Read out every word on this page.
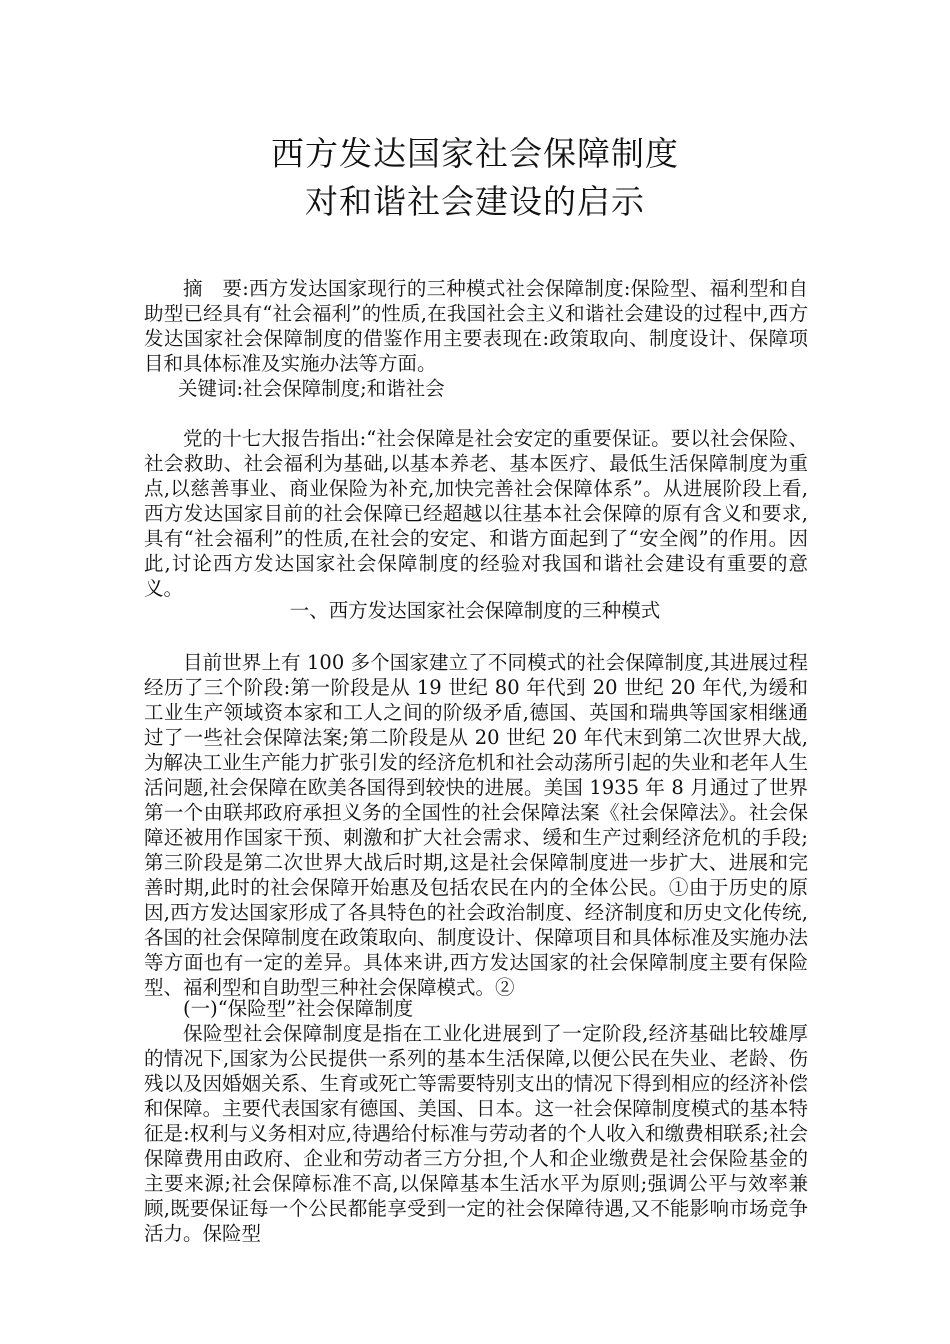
西方发达国家社会保障制度
对和谐社会建设的启示

摘　要:西方发达国家现行的三种模式社会保障制度:保险型、福利型和自助型已经具有“社会福利”的性质,在我国社会主义和谐社会建设的过程中,西方发达国家社会保障制度的借鉴作用主要表现在:政策取向、制度设计、保障项目和具体标准及实施办法等方面。

关键词:社会保障制度;和谐社会

党的十七大报告指出:“社会保障是社会安定的重要保证。要以社会保险、社会救助、社会福利为基础,以基本养老、基本医疗、最低生活保障制度为重点,以慈善事业、商业保险为补充,加快完善社会保障体系”。从进展阶段上看,西方发达国家目前的社会保障已经超越以往基本社会保障的原有含义和要求,具有“社会福利”的性质,在社会的安定、和谐方面起到了“安全阀”的作用。因此,讨论西方发达国家社会保障制度的经验对我国和谐社会建设有重要的意义。

一、西方发达国家社会保障制度的三种模式

目前世界上有 100 多个国家建立了不同模式的社会保障制度,其进展过程经历了三个阶段:第一阶段是从 19 世纪 80 年代到 20 世纪 20 年代,为缓和工业生产领域资本家和工人之间的阶级矛盾,德国、英国和瑞典等国家相继通过了一些社会保障法案;第二阶段是从 20 世纪 20 年代末到第二次世界大战,为解决工业生产能力扩张引发的经济危机和社会动荡所引起的失业和老年人生活问题,社会保障在欧美各国得到较快的进展。美国 1935 年 8 月通过了世界第一个由联邦政府承担义务的全国性的社会保障法案《社会保障法》。社会保障还被用作国家干预、刺激和扩大社会需求、缓和生产过剩经济危机的手段;第三阶段是第二次世界大战后时期,这是社会保障制度进一步扩大、进展和完善时期,此时的社会保障开始惠及包括农民在内的全体公民。①由于历史的原因,西方发达国家形成了各具特色的社会政治制度、经济制度和历史文化传统,各国的社会保障制度在政策取向、制度设计、保障项目和具体标准及实施办法等方面也有一定的差异。具体来讲,西方发达国家的社会保障制度主要有保险型、福利型和自助型三种社会保障模式。②

(一)“保险型”社会保障制度

保险型社会保障制度是指在工业化进展到了一定阶段,经济基础比较雄厚的情况下,国家为公民提供一系列的基本生活保障,以便公民在失业、老龄、伤残以及因婚姻关系、生育或死亡等需要特别支出的情况下得到相应的经济补偿和保障。主要代表国家有德国、美国、日本。这一社会保障制度模式的基本特征是:权利与义务相对应,待遇给付标准与劳动者的个人收入和缴费相联系;社会保障费用由政府、企业和劳动者三方分担,个人和企业缴费是社会保险基金的主要来源;社会保障标准不高,以保障基本生活水平为原则;强调公平与效率兼顾,既要保证每一个公民都能享受到一定的社会保障待遇,又不能影响市场竞争活力。保险型
